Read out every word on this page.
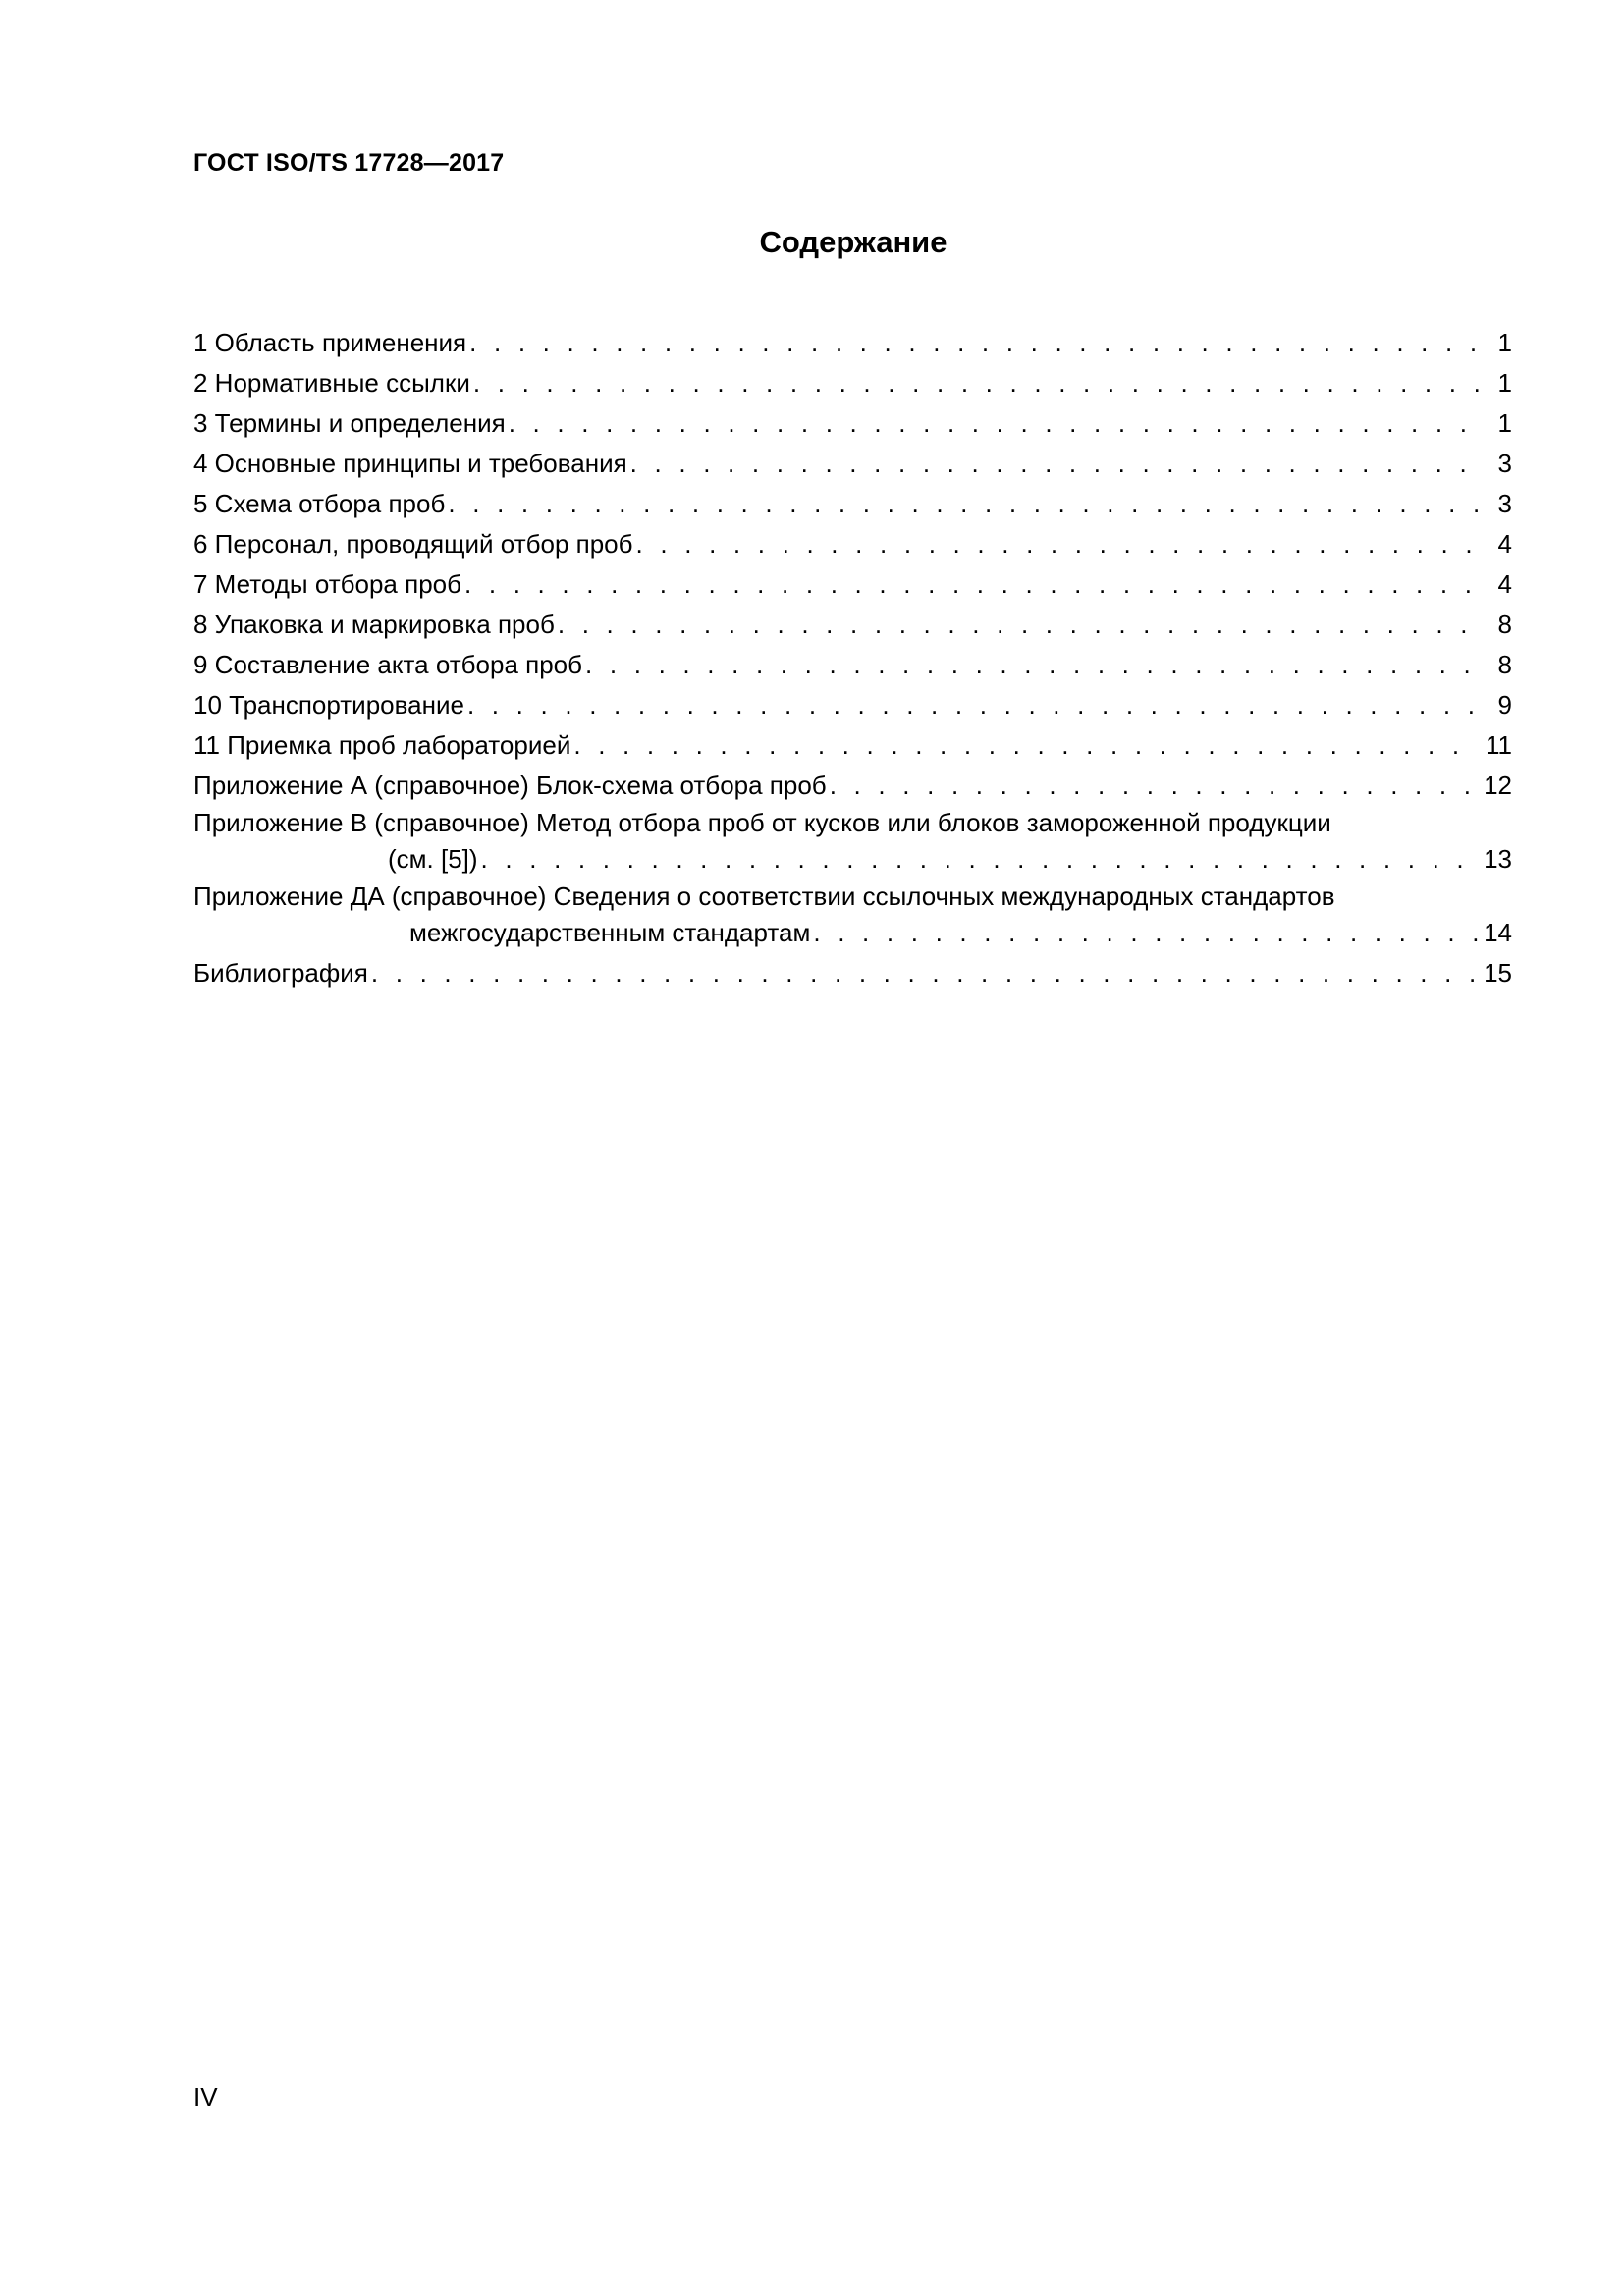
ГОСТ ISO/TS 17728—2017
Содержание
1 Область применения . . .	1
2 Нормативные ссылки . . .	1
3 Термины и определения . . .	1
4 Основные принципы и требования . . .	3
5 Схема отбора проб . . .	3
6 Персонал, проводящий отбор проб . . .	4
7 Методы отбора проб . . .	4
8 Упаковка и маркировка проб . . .	8
9 Составление акта отбора проб . . .	8
10 Транспортирование . . .	9
11 Приемка проб лабораторией . . .	11
Приложение А (справочное) Блок-схема отбора проб . . .	12
Приложение В (справочное) Метод отбора проб от кусков или блоков замороженной продукции
(см. [5]) . . .	13
Приложение ДА (справочное) Сведения о соответствии ссылочных международных стандартов
межгосударственным стандартам . . .	14
Библиография . . .	15
IV
